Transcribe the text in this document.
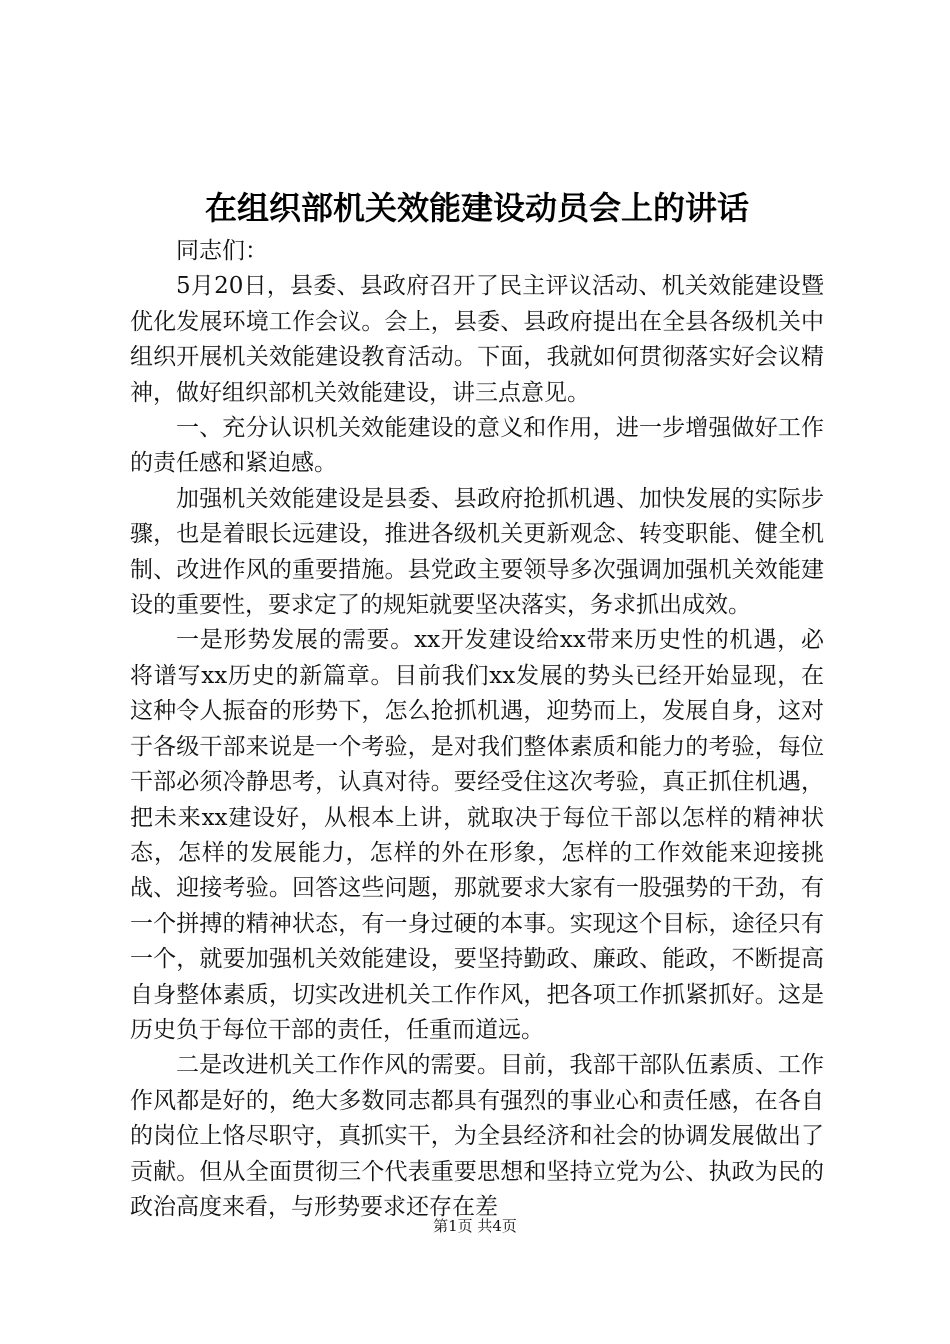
在组织部机关效能建设动员会上的讲话

同志们：

5月20日，县委、县政府召开了民主评议活动、机关效能建设暨优化发展环境工作会议。会上，县委、县政府提出在全县各级机关中组织开展机关效能建设教育活动。下面，我就如何贯彻落实好会议精神，做好组织部机关效能建设，讲三点意见。

一、充分认识机关效能建设的意义和作用，进一步增强做好工作的责任感和紧迫感。

加强机关效能建设是县委、县政府抢抓机遇、加快发展的实际步骤，也是着眼长远建设，推进各级机关更新观念、转变职能、健全机制、改进作风的重要措施。县党政主要领导多次强调加强机关效能建设的重要性，要求定了的规矩就要坚决落实，务求抓出成效。

一是形势发展的需要。xx开发建设给xx带来历史性的机遇，必将谱写xx历史的新篇章。目前我们xx发展的势头已经开始显现，在这种令人振奋的形势下，怎么抢抓机遇，迎势而上，发展自身，这对于各级干部来说是一个考验，是对我们整体素质和能力的考验，每位干部必须冷静思考，认真对待。要经受住这次考验，真正抓住机遇，把未来xx建设好，从根本上讲，就取决于每位干部以怎样的精神状态，怎样的发展能力，怎样的外在形象，怎样的工作效能来迎接挑战、迎接考验。回答这些问题，那就要求大家有一股强势的干劲，有一个拼搏的精神状态，有一身过硬的本事。实现这个目标，途径只有一个，就要加强机关效能建设，要坚持勤政、廉政、能政，不断提高自身整体素质，切实改进机关工作作风，把各项工作抓紧抓好。这是历史负于每位干部的责任，任重而道远。

二是改进机关工作作风的需要。目前，我部干部队伍素质、工作作风都是好的，绝大多数同志都具有强烈的事业心和责任感，在各自的岗位上恪尽职守，真抓实干，为全县经济和社会的协调发展做出了贡献。但从全面贯彻三个代表重要思想和坚持立党为公、执政为民的政治高度来看，与形势要求还存在差

第1页 共4页
